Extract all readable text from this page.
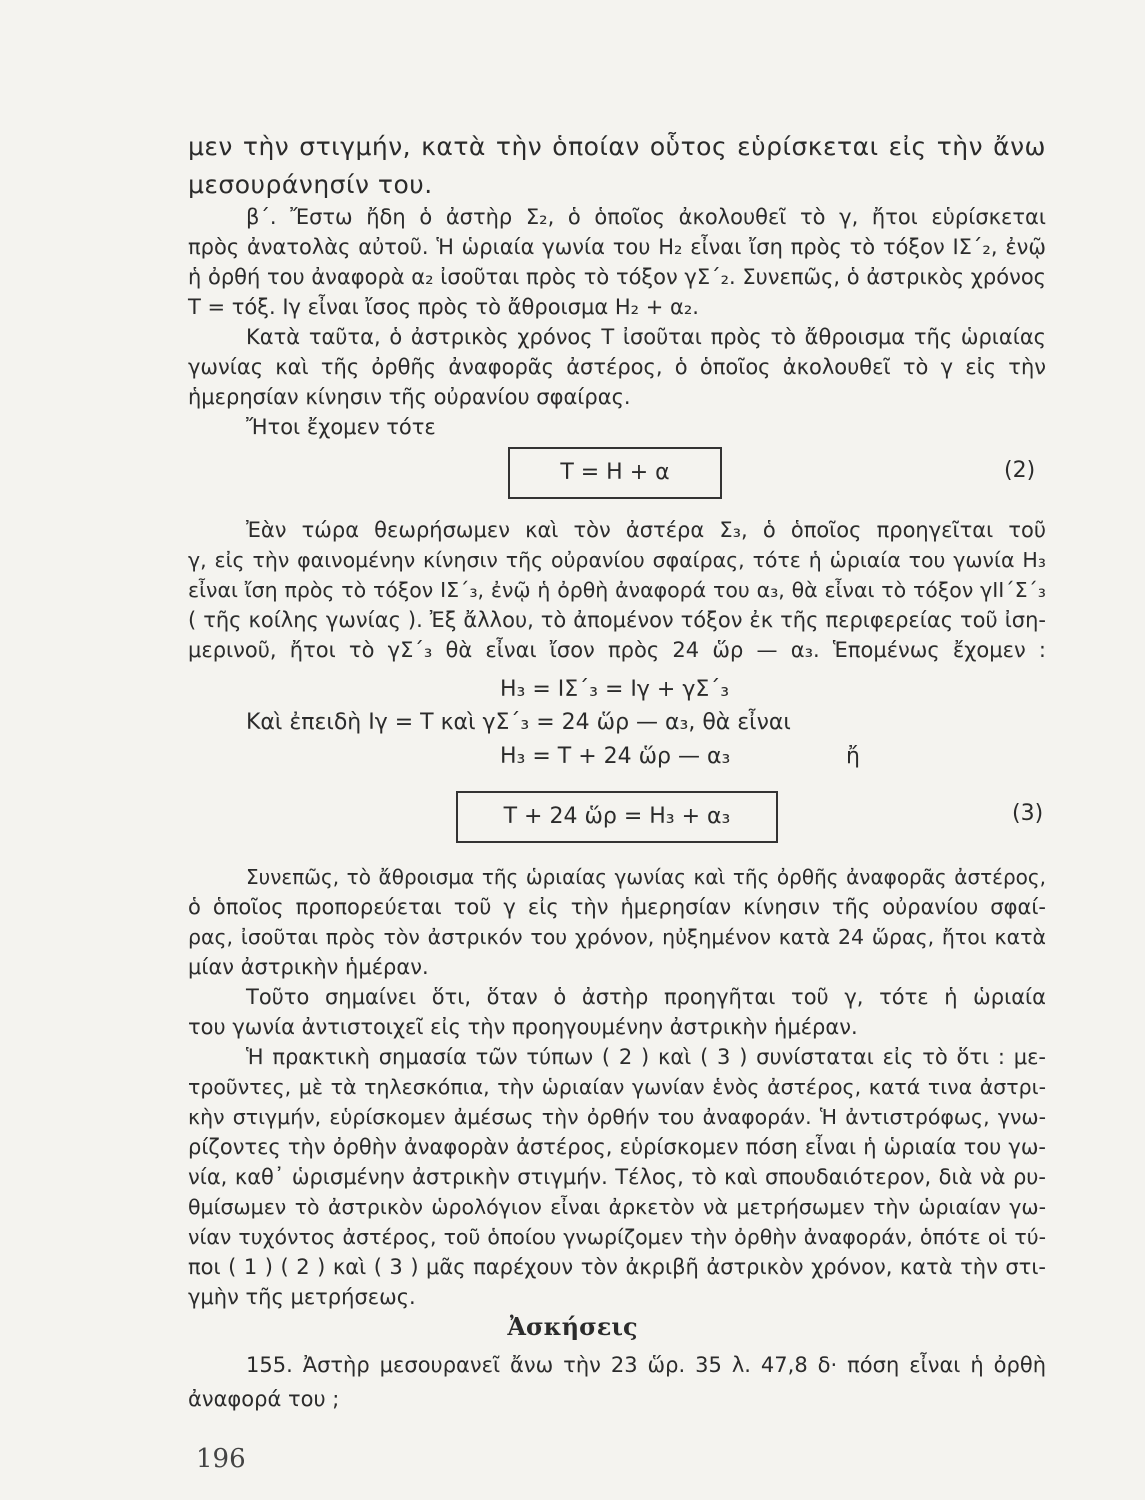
μεν τὴν στιγμήν, κατὰ τὴν ὁποίαν οὗτος εὑρίσκεται εἰς τὴν ἄνω
μεσουράνησίν του.
β΄. Ἔστω ἤδη ὁ ἀστὴρ Σ₂, ὁ ὁποῖος ἀκολουθεῖ τὸ γ, ἤτοι εὑρίσκεται
πρὸς ἀνατολὰς αὐτοῦ. Ἡ ὡριαία γωνία του Η₂ εἶναι ἴση πρὸς τὸ τόξον ΙΣ΄₂, ἐνῷ
ἡ ὀρθή του ἀναφορὰ α₂ ἰσοῦται πρὸς τὸ τόξον γΣ΄₂. Συνεπῶς, ὁ ἀστρικὸς χρόνος
Τ = τόξ. Ιγ εἶναι ἴσος πρὸς τὸ ἄθροισμα Η₂ + α₂.
Κατὰ ταῦτα, ὁ ἀστρικὸς χρόνος Τ ἰσοῦται πρὸς τὸ ἄθροισμα τῆς ὡριαίας
γωνίας καὶ τῆς ὀρθῆς ἀναφορᾶς ἀστέρος, ὁ ὁποῖος ἀκολουθεῖ τὸ γ εἰς τὴν
ἡμερησίαν κίνησιν τῆς οὐρανίου σφαίρας.
Ἤτοι ἔχομεν τότε
Τ = Η + α	(2)
Ἐὰν τώρα θεωρήσωμεν καὶ τὸν ἀστέρα Σ₃, ὁ ὁποῖος προηγεῖται τοῦ
γ, εἰς τὴν φαινομένην κίνησιν τῆς οὐρανίου σφαίρας, τότε ἡ ὡριαία του γωνία Η₃
εἶναι ἴση πρὸς τὸ τόξον ΙΣ΄₃, ἐνῷ ἡ ὀρθὴ ἀναφορά του α₃, θὰ εἶναι τὸ τόξον γΙΙ΄Σ΄₃
( τῆς κοίλης γωνίας ). Ἐξ ἄλλου, τὸ ἀπομένον τόξον ἐκ τῆς περιφερείας τοῦ ἰση-
μερινοῦ, ἤτοι τὸ γΣ΄₃ θὰ εἶναι ἴσον πρὸς 24 ὥρ — α₃. Ἑπομένως ἔχομεν :
Η₃ = ΙΣ΄₃ = Ιγ + γΣ΄₃
Καὶ ἐπειδὴ Ιγ = Τ καὶ γΣ΄₃ = 24 ὥρ — α₃, θὰ εἶναι
Η₃ = Τ + 24 ὥρ — α₃	ἤ
Τ + 24 ὥρ = Η₃ + α₃	(3)
Συνεπῶς, τὸ ἄθροισμα τῆς ὡριαίας γωνίας καὶ τῆς ὀρθῆς ἀναφορᾶς ἀστέρος,
ὁ ὁποῖος προπορεύεται τοῦ γ εἰς τὴν ἡμερησίαν κίνησιν τῆς οὐρανίου σφαί-
ρας, ἰσοῦται πρὸς τὸν ἀστρικόν του χρόνον, ηὐξημένον κατὰ 24 ὥρας, ἤτοι κατὰ
μίαν ἀστρικὴν ἡμέραν.
Τοῦτο σημαίνει ὅτι, ὅταν ὁ ἀστὴρ προηγῆται τοῦ γ, τότε ἡ ὡριαία
του γωνία ἀντιστοιχεῖ εἰς τὴν προηγουμένην ἀστρικὴν ἡμέραν.
Ἡ πρακτικὴ σημασία τῶν τύπων ( 2 ) καὶ ( 3 ) συνίσταται εἰς τὸ ὅτι : με-
τροῦντες, μὲ τὰ τηλεσκόπια, τὴν ὡριαίαν γωνίαν ἑνὸς ἀστέρος, κατά τινα ἀστρι-
κὴν στιγμήν, εὑρίσκομεν ἀμέσως τὴν ὀρθήν του ἀναφοράν. Ἡ ἀντιστρόφως, γνω-
ρίζοντες τὴν ὀρθὴν ἀναφορὰν ἀστέρος, εὑρίσκομεν πόση εἶναι ἡ ὡριαία του γω-
νία, καθ᾿ ὡρισμένην ἀστρικὴν στιγμήν. Τέλος, τὸ καὶ σπουδαιότερον, διὰ νὰ ρυ-
θμίσωμεν τὸ ἀστρικὸν ὡρολόγιον εἶναι ἀρκετὸν νὰ μετρήσωμεν τὴν ὡριαίαν γω-
νίαν τυχόντος ἀστέρος, τοῦ ὁποίου γνωρίζομεν τὴν ὀρθὴν ἀναφοράν, ὁπότε οἱ τύ-
ποι ( 1 ) ( 2 ) καὶ ( 3 ) μᾶς παρέχουν τὸν ἀκριβῆ ἀστρικὸν χρόνον, κατὰ τὴν στι-
γμὴν τῆς μετρήσεως.
Ἀσκήσεις
155. Ἀστὴρ μεσουρανεῖ ἄνω τὴν 23 ὥρ. 35 λ. 47,8 δ· πόση εἶναι ἡ ὀρθὴ
ἀναφορά του ;
196
